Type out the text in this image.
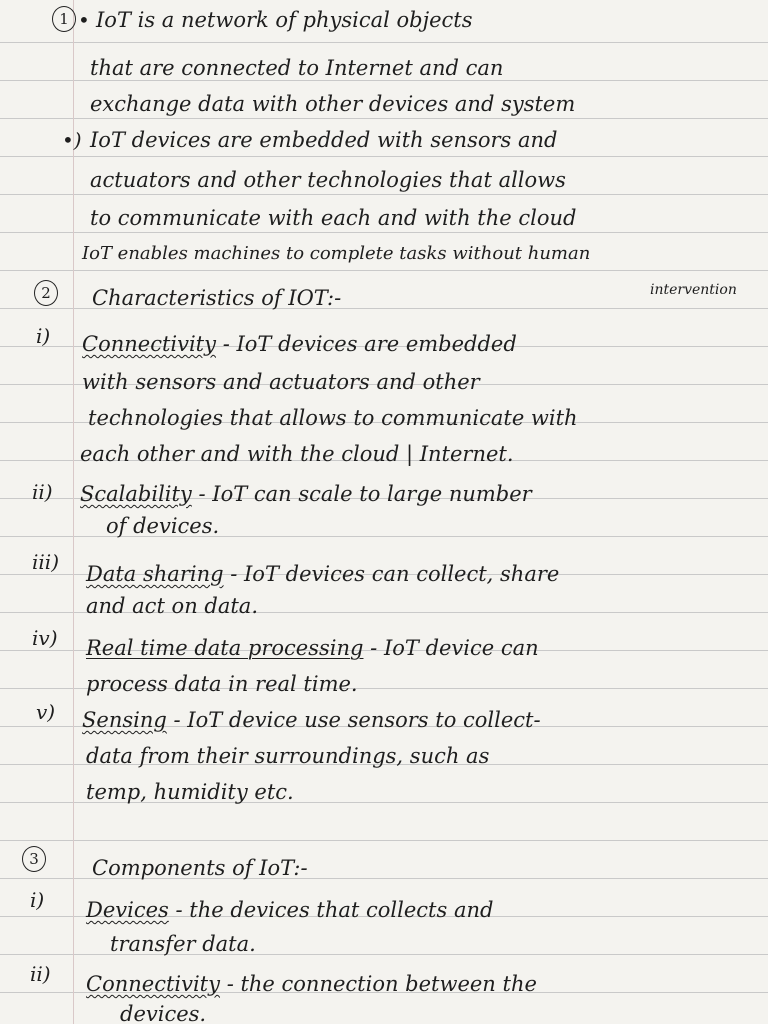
1 • IoT is a network of physical objects
that are connected to Internet and can
exchange data with other devices and system
•) IoT devices are embedded with sensors and
actuators and other technologies that allows
to communicate with each and with the cloud
IoT enables machines to complete tasks without human
intervention
2	Characteristics of IOT:-
i) Connectivity - IoT devices are embedded
with sensors and actuators and other
technologies that allows to communicate with
each other and with the cloud | Internet.
ii) Scalability - IoT can scale to large number
of devices.
iii) Data sharing - IoT devices can collect, share
and act on data.
iv) Real time data processing - IoT device can
process data in real time.
v) Sensing - IoT device use sensors to collect-
data from their surroundings, such as
temp, humidity etc.
3	Components of IoT:-
i) Devices - the devices that collects and
transfer data.
ii) Connectivity - the connection between the
devices.
